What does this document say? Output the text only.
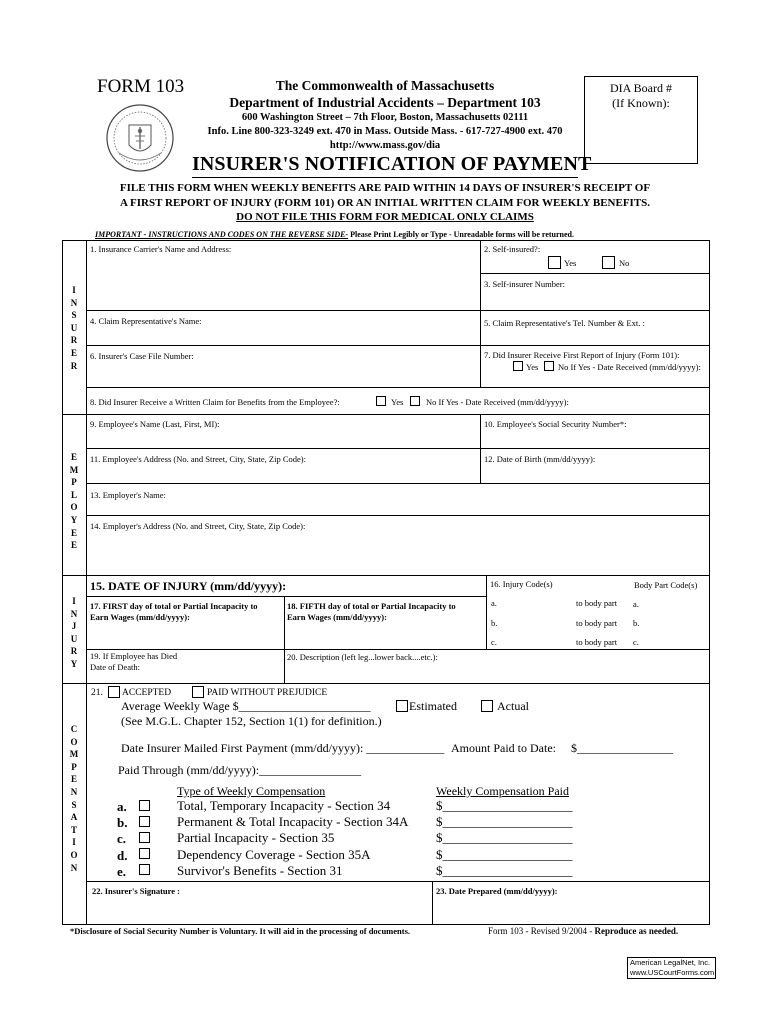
FORM 103	The Commonwealth of Massachusetts
Department of Industrial Accidents – Department 103
600 Washington Street – 7th Floor, Boston, Massachusetts 02111
Info. Line 800-323-3249 ext. 470 in Mass. Outside Mass. - 617-727-4900 ext. 470
http://www.mass.gov/dia
DIA Board #
(If Known):
INSURER'S NOTIFICATION OF PAYMENT
FILE THIS FORM WHEN WEEKLY BENEFITS ARE PAID WITHIN 14 DAYS OF INSURER'S RECEIPT OF
A FIRST REPORT OF INJURY (FORM 101) OR AN INITIAL WRITTEN CLAIM FOR WEEKLY BENEFITS.
DO NOT FILE THIS FORM FOR MEDICAL ONLY CLAIMS
IMPORTANT - INSTRUCTIONS AND CODES ON THE REVERSE SIDE- Please Print Legibly or Type - Unreadable forms will be returned.
I
N
S
U
R
E
R
1. Insurance Carrier's Name and Address:	2. Self-insured?:
Yes	No
3. Self-insurer Number:
4. Claim Representative's Name:	5. Claim Representative's Tel. Number & Ext. :
6. Insurer's Case File Number:	7. Did Insurer Receive First Report of Injury (Form 101):
Yes No If Yes - Date Received (mm/dd/yyyy):
8. Did Insurer Receive a Written Claim for Benefits from the Employee?:	Yes	No If Yes - Date Received (mm/dd/yyyy):
E
M
P
L
O
Y
E
E
9. Employee's Name (Last, First, MI):	10. Employee's Social Security Number*:
11. Employee's Address (No. and Street, City, State, Zip Code):	12. Date of Birth (mm/dd/yyyy):
13. Employer's Name:
14. Employer's Address (No. and Street, City, State, Zip Code):
I
N
J
U
R
Y
15. DATE OF INJURY (mm/dd/yyyy):	16. Injury Code(s)	Body Part Code(s)
a.	to body part a.
b.	to body part b.
c.	to body part c.
17. FIRST day of total or Partial Incapacity to
Earn Wages (mm/dd/yyyy):
18. FIFTH day of total or Partial Incapacity to
Earn Wages (mm/dd/yyyy):
19. If Employee has Died
Date of Death:
20. Description (left leg...lower back....etc.):
C
O
M
P
E
N
S
A
T
I
O
N
21. ACCEPTED	PAID WITHOUT PREJUDICE
Average Weekly Wage $______________________	Estimated	Actual
(See M.G.L. Chapter 152, Section 1(1) for definition.)
Date Insurer Mailed First Payment (mm/dd/yyyy): _____________ Amount Paid to Date: $________________
Paid Through (mm/dd/yyyy):_________________
Type of Weekly Compensation	Weekly Compensation Paid
a.	Total, Temporary Incapacity - Section 34	$____________________
b.	Permanent & Total Incapacity - Section 34A $____________________
c.	Partial Incapacity - Section 35	$____________________
d.	Dependency Coverage - Section 35A	$____________________
e.	Survivor's Benefits - Section 31	$____________________
22. Insurer's Signature :	23. Date Prepared (mm/dd/yyyy):
*Disclosure of Social Security Number is Voluntary. It will aid in the processing of documents.	Form 103 - Revised 9/2004 - Reproduce as needed.
American LegalNet, Inc.
www.USCourtForms.com
